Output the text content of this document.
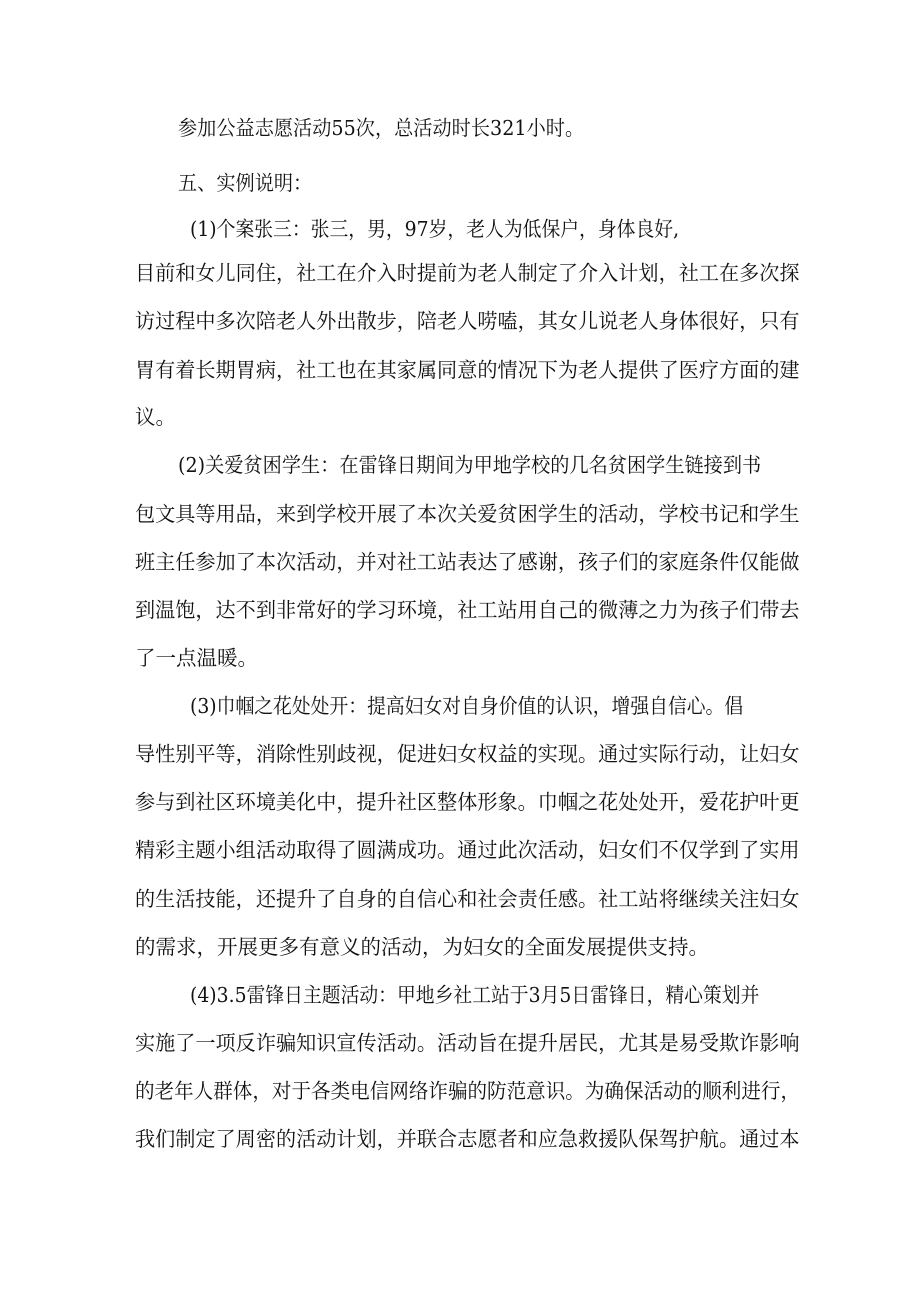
参加公益志愿活动55次，总活动时长321小时。
五、实例说明：
(1)个案张三：张三，男，97岁，老人为低保户，身体良好,
目前和女儿同住，社工在介入时提前为老人制定了介入计划，社工在多次探
访过程中多次陪老人外出散步，陪老人唠嗑，其女儿说老人身体很好，只有
胃有着长期胃病，社工也在其家属同意的情况下为老人提供了医疗方面的建
议。
(2)关爱贫困学生：在雷锋日期间为甲地学校的几名贫困学生链接到书
包文具等用品，来到学校开展了本次关爱贫困学生的活动，学校书记和学生
班主任参加了本次活动，并对社工站表达了感谢，孩子们的家庭条件仅能做
到温饱，达不到非常好的学习环境，社工站用自己的微薄之力为孩子们带去
了一点温暖。
(3)巾帼之花处处开：提高妇女对自身价值的认识，增强自信心。倡
导性别平等，消除性别歧视，促进妇女权益的实现。通过实际行动，让妇女
参与到社区环境美化中，提升社区整体形象。巾帼之花处处开，爱花护叶更
精彩主题小组活动取得了圆满成功。通过此次活动，妇女们不仅学到了实用
的生活技能，还提升了自身的自信心和社会责任感。社工站将继续关注妇女
的需求，开展更多有意义的活动，为妇女的全面发展提供支持。
(4)3.5雷锋日主题活动：甲地乡社工站于3月5日雷锋日，精心策划并
实施了一项反诈骗知识宣传活动。活动旨在提升居民，尤其是易受欺诈影响
的老年人群体，对于各类电信网络诈骗的防范意识。为确保活动的顺利进行，
我们制定了周密的活动计划，并联合志愿者和应急救援队保驾护航。通过本
